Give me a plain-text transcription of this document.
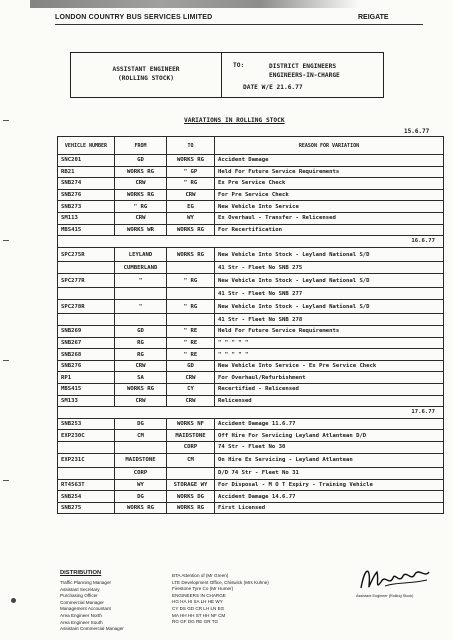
LONDON COUNTRY BUS SERVICES LIMITED	REIGATE
ASSISTANT ENGINEER
(ROLLING STOCK)
TO:	DISTRICT ENGINEERS
ENGINEERS-IN-CHARGE
DATE W/E 21.6.77
VARIATIONS IN ROLLING STOCK
15.6.77
VEHICLE NUMBER	FROM	TO	REASON FOR VARIATION
SNC201	GD	WORKS RG	Accident Damage
RB21	WORKS RG	" GP	Held For Future Service Requirements
SNB274	CRW	" RG	Ex Pre Service Check
SNB276	WORKS RG	CRW	For Pre Service Check
SNB273	" RG	EG	New Vehicle Into Service
SM113	CRW	WY	Ex Overhaul - Transfer - Relicensed
MBS415	WORKS WR	WORKS RG	For Recertification
16.6.77			
SPC275R	LEYLAND	WORKS RG	New Vehicle Into Stock - Leyland National S/D
	CUMBERLAND		41 Str - Fleet No SNB 275
SPC277R	"	" RG	New Vehicle Into Stock - Leyland National S/D
			41 Str - Fleet No SNB 277
SPC278R	"	" RG	New Vehicle Into Stock - Leyland National S/D
			41 Str - Fleet No SNB 278
SNB269	GD	" RE	Held For Future Service Requirements
SNB267	RG	" RE	" " " " "
SNB268	RG	" RE	" " " " "
SNB276	CRW	GD	New Vehicle Into Service - Ex Pre Service Check
RP1	SA	CRW	For Overhaul/Refurbishment
MBS415	WORKS RG	CY	Recertified - Relicensed
SM133	CRW	CRW	Relicensed
17.6.77			
SNB253	DG	WORKS NF	Accident Damage 11.6.77
EXP230C	CM	MAIDSTONE	Off Hire For Servicing Leyland Atlantean D/D
		CORP	74 Str - Fleet No 30
EXP231C	MAIDSTONE	CM	On Hire Ex Servicing - Leyland Atlantean
	CORP		D/D 74 Str - Fleet No 31
RT4563T	WY	STORAGE WY	For Disposal - M O T Expiry - Training Vehicle
SNB254	DG	WORKS DG	Accident Damage 14.6.77
SNB275	WORKS RG	WORKS RG	First Licensed
DISTRIBUTION
Traffic Planning Manager
Assistant Secretary
Purchasing Officer
Commercial Manager
Management Accountant
Area Engineer North
Area Engineer South
Assistant Commercial Manager
BTA Attention of (Mr Green)
LTE Development Office, Chiswick (Mrs Kuhne)
Firestone Tyre Co (Mr Humer)
ENGINEERS IN CHARGE
HG HA HI SA LH HE WY
CY DS GD CR LH LN EG
MA HH HH ST HH NF CM
RG GF DG RE GR TG
Assistant Engineer (Rolling Stock)
